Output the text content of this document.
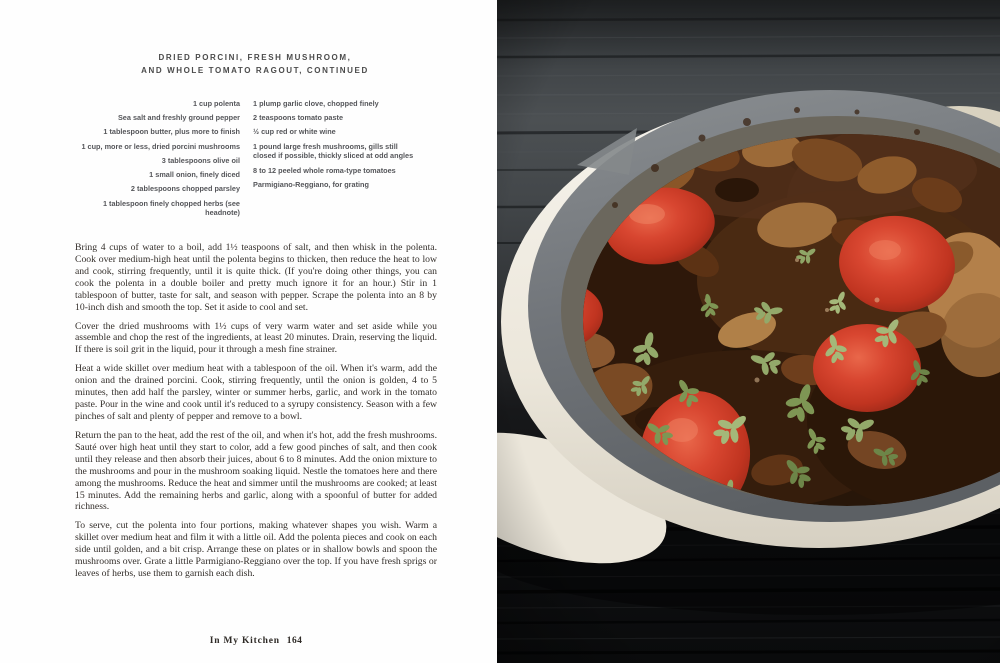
DRIED PORCINI, FRESH MUSHROOM,
AND WHOLE TOMATO RAGOUT, CONTINUED
1 cup polenta
Sea salt and freshly ground pepper
1 tablespoon butter, plus more to finish
1 cup, more or less, dried porcini mushrooms
3 tablespoons olive oil
1 small onion, finely diced
2 tablespoons chopped parsley
1 tablespoon finely chopped herbs (see headnote)
1 plump garlic clove, chopped finely
2 teaspoons tomato paste
½ cup red or white wine
1 pound large fresh mushrooms, gills still closed if possible, thickly sliced at odd angles
8 to 12 peeled whole roma-type tomatoes
Parmigiano-Reggiano, for grating

Bring 4 cups of water to a boil, add 1½ teaspoons of salt, and then whisk in the polenta. Cook over medium-high heat until the polenta begins to thicken, then reduce the heat to low and cook, stirring frequently, until it is quite thick. (If you're doing other things, you can cook the polenta in a double boiler and pretty much ignore it for an hour.) Stir in 1 tablespoon of butter, taste for salt, and season with pepper. Scrape the polenta into an 8 by 10-inch dish and smooth the top. Set it aside to cool and set.

Cover the dried mushrooms with 1½ cups of very warm water and set aside while you assemble and chop the rest of the ingredients, at least 20 minutes. Drain, reserving the liquid. If there is soil grit in the liquid, pour it through a mesh fine strainer.

Heat a wide skillet over medium heat with a tablespoon of the oil. When it's warm, add the onion and the drained porcini. Cook, stirring frequently, until the onion is golden, 4 to 5 minutes, then add half the parsley, winter or summer herbs, garlic, and work in the tomato paste. Pour in the wine and cook until it's reduced to a syrupy consistency. Season with a few pinches of salt and plenty of pepper and remove to a bowl.

Return the pan to the heat, add the rest of the oil, and when it's hot, add the fresh mushrooms. Sauté over high heat until they start to color, add a few good pinches of salt, and then cook until they release and then absorb their juices, about 6 to 8 minutes. Add the onion mixture to the mushrooms and pour in the mushroom soaking liquid. Nestle the tomatoes here and there among the mushrooms. Reduce the heat and simmer until the mushrooms are cooked; at least 15 minutes. Add the remaining herbs and garlic, along with a spoonful of butter for added richness.

To serve, cut the polenta into four portions, making whatever shapes you wish. Warm a skillet over medium heat and film it with a little oil. Add the polenta pieces and cook on each side until golden, and a bit crisp. Arrange these on plates or in shallow bowls and spoon the mushrooms over. Grate a little Parmigiano-Reggiano over the top. If you have fresh sprigs or leaves of herbs, use them to garnish each dish.

In My Kitchen 164
